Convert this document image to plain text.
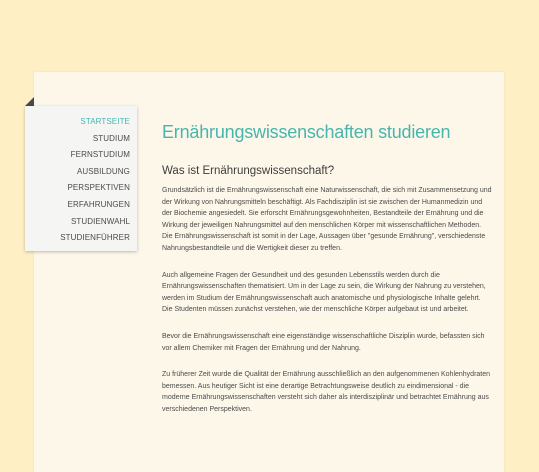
STARTSEITE
STUDIUM
FERNSTUDIUM
AUSBILDUNG
PERSPEKTIVEN
ERFAHRUNGEN
STUDIENWAHL
STUDIENFÜHRER
Ernährungswissenschaften studieren
Was ist Ernährungswissenschaft?

Grundsätzlich ist die Ernährungswissenschaft eine Naturwissenschaft, die sich mit Zusammensetzung und der Wirkung von Nahrungsmitteln beschäftigt. Als Fachdisziplin ist sie zwischen der Humanmedizin und der Biochemie angesiedelt. Sie erforscht Ernährungsgewohnheiten, Bestandteile der Ernährung und die Wirkung der jeweiligen Nahrungsmittel auf den menschlichen Körper mit wissenschaftlichen Methoden. Die Ernährungswissenschaft ist somit in der Lage, Aussagen über "gesunde Ernährung", verschiedenste Nahrungsbestandteile und die Wertigkeit dieser zu treffen.

Auch allgemeine Fragen der Gesundheit und des gesunden Lebensstils werden durch die Ernährungswissenschaften thematisiert. Um in der Lage zu sein, die Wirkung der Nahrung zu verstehen, werden im Studium der Ernährungswissenschaft auch anatomische und physiologische Inhalte gelehrt. Die Studenten müssen zunächst verstehen, wie der menschliche Körper aufgebaut ist und arbeitet.

Bevor die Ernährungswissenschaft eine eigenständige wissenschaftliche Disziplin wurde, befassten sich vor allem Chemiker mit Fragen der Ernährung und der Nahrung.

Zu früherer Zeit wurde die Qualität der Ernährung ausschließlich an den aufgenommenen Kohlenhydraten bemessen. Aus heutiger Sicht ist eine derartige Betrachtungsweise deutlich zu eindimensional - die moderne Ernährungswissenschaften versteht sich daher als interdisziplinär und betrachtet Ernährung aus verschiedenen Perspektiven.
